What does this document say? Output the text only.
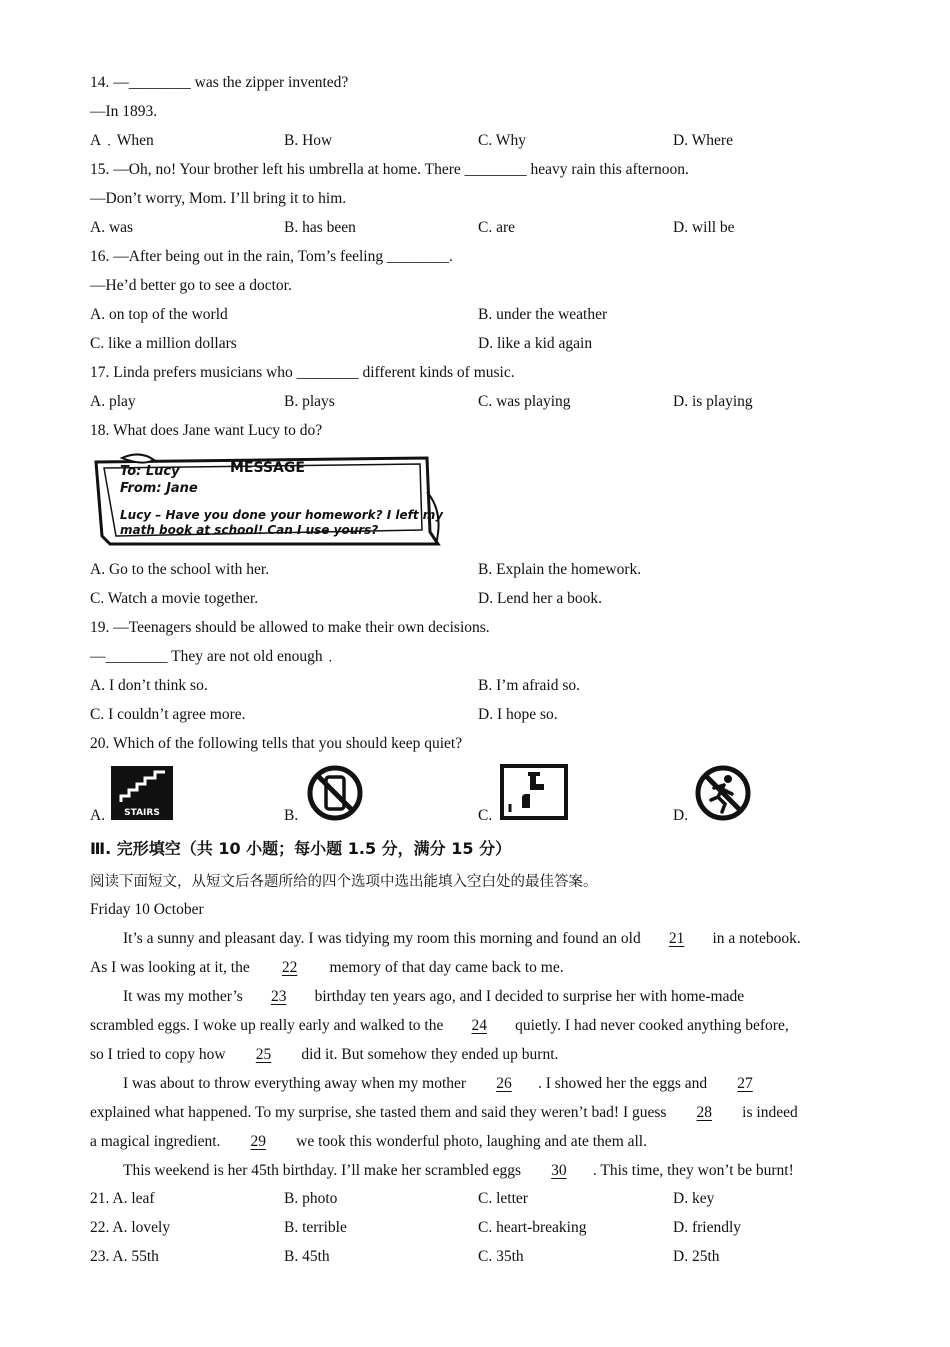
14. —________ was the zipper invented?
—In 1893.
A﹒When	B. How	C. Why	D. Where
15. —Oh, no! Your brother left his umbrella at home. There ________ heavy rain this afternoon.
—Don’t worry, Mom. I’ll bring it to him.
A. was	B. has been	C. are	D. will be
16. —After being out in the rain, Tom’s feeling ________.
—He’d better go to see a doctor.
A. on top of the world	B. under the weather
C. like a million dollars	D. like a kid again
17. Linda prefers musicians who ________ different kinds of music.
A. play	B. plays	C. was playing	D. is playing
18. What does Jane want Lucy to do?
To: Lucy
From: Jane
MESSAGE
Lucy – Have you done your homework? I left my
math book at school! Can I use yours?
A. Go to the school with her.	B. Explain the homework.
C. Watch a movie together.	D. Lend her a book.
19. —Teenagers should be allowed to make their own decisions.
—________ They are not old enough﹒
A. I don’t think so.	B. I’m afraid so.
C. I couldn’t agree more.	D. I hope so.
20. Which of the following tells that you should keep quiet?
A. STAIRS	B.	C.	D.
Ⅲ. 完形填空（共 10 小题；每小题 1.5 分，满分 15 分）
阅读下面短文，从短文后各题所给的四个选项中选出能填入空白处的最佳答案。
Friday 10 October
It’s a sunny and pleasant day. I was tidying my room this morning and found an old 21 in a notebook.
As I was looking at it, the 22 memory of that day came back to me.
It was my mother’s 23 birthday ten years ago, and I decided to surprise her with home-made
scrambled eggs. I woke up really early and walked to the 24 quietly. I had never cooked anything before,
so I tried to copy how 25 did it. But somehow they ended up burnt.
I was about to throw everything away when my mother 26 . I showed her the eggs and 27
explained what happened. To my surprise, she tasted them and said they weren’t bad! I guess 28 is indeed
a magical ingredient. 29 we took this wonderful photo, laughing and ate them all.
This weekend is her 45th birthday. I’ll make her scrambled eggs 30 . This time, they won’t be burnt!
21. A. leaf	B. photo	C. letter	D. key
22. A. lovely	B. terrible	C. heart-breaking	D. friendly
23. A. 55th	B. 45th	C. 35th	D. 25th
